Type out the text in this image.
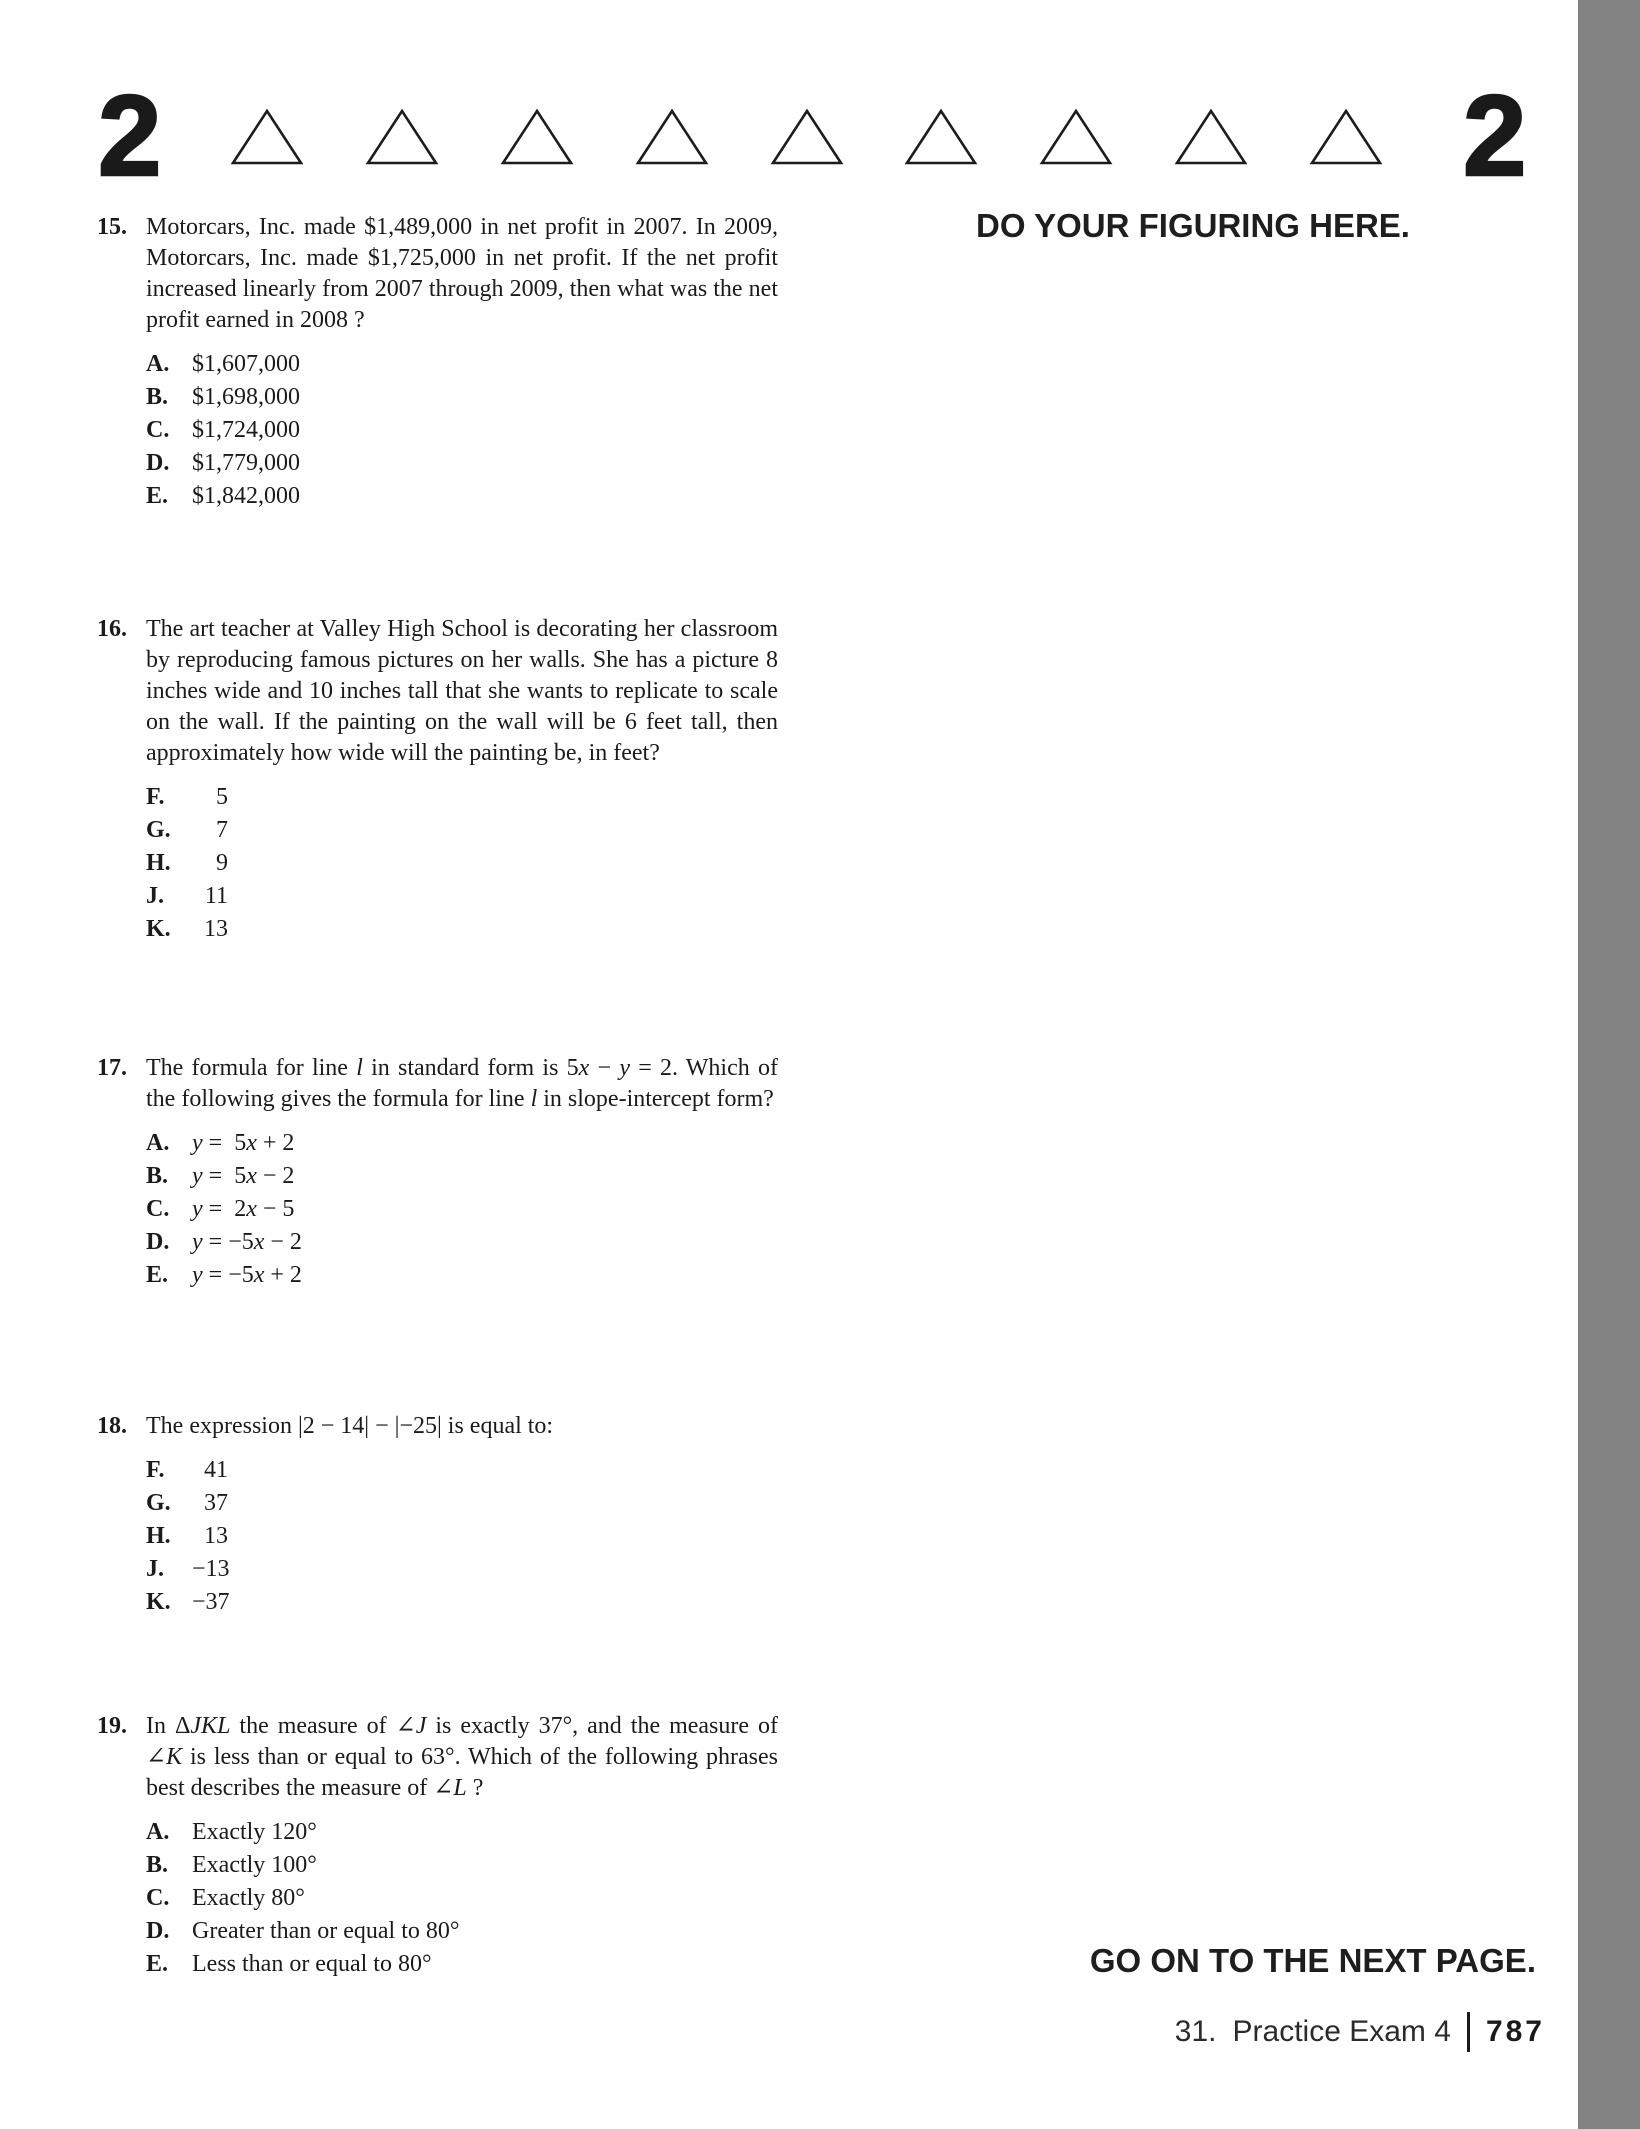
2	2
15. Motorcars, Inc. made $1,489,000 in net profit in 2007. In 2009, Motorcars, Inc. made $1,725,000 in net profit. If the net profit increased linearly from 2007 through 2009, then what was the net profit earned in 2008 ?
A. $1,607,000
B. $1,698,000
C. $1,724,000
D. $1,779,000
E. $1,842,000
16. The art teacher at Valley High School is decorating her classroom by reproducing famous pictures on her walls. She has a picture 8 inches wide and 10 inches tall that she wants to replicate to scale on the wall. If the painting on the wall will be 6 feet tall, then approximately how wide will the painting be, in feet?
F.	5
G.	7
H.	9
J.	11
K.	13
17. The formula for line l in standard form is 5x − y = 2. Which of the following gives the formula for line l in slope-intercept form?
A. y =  5x + 2
B. y =  5x − 2
C. y =  2x − 5
D. y = −5x − 2
E. y = −5x + 2
18. The expression |2 − 14| − |−25| is equal to:
F.	41
G.	37
H.	13
J.	−13
K. −37
19. In ΔJKL the measure of ∠J is exactly 37°, and the measure of ∠K is less than or equal to 63°. Which of the following phrases best describes the measure of ∠L ?
A. Exactly 120°
B. Exactly 100°
C. Exactly 80°
D. Greater than or equal to 80°
E. Less than or equal to 80°
DO YOUR FIGURING HERE.
GO ON TO THE NEXT PAGE.
31. Practice Exam 4 787
